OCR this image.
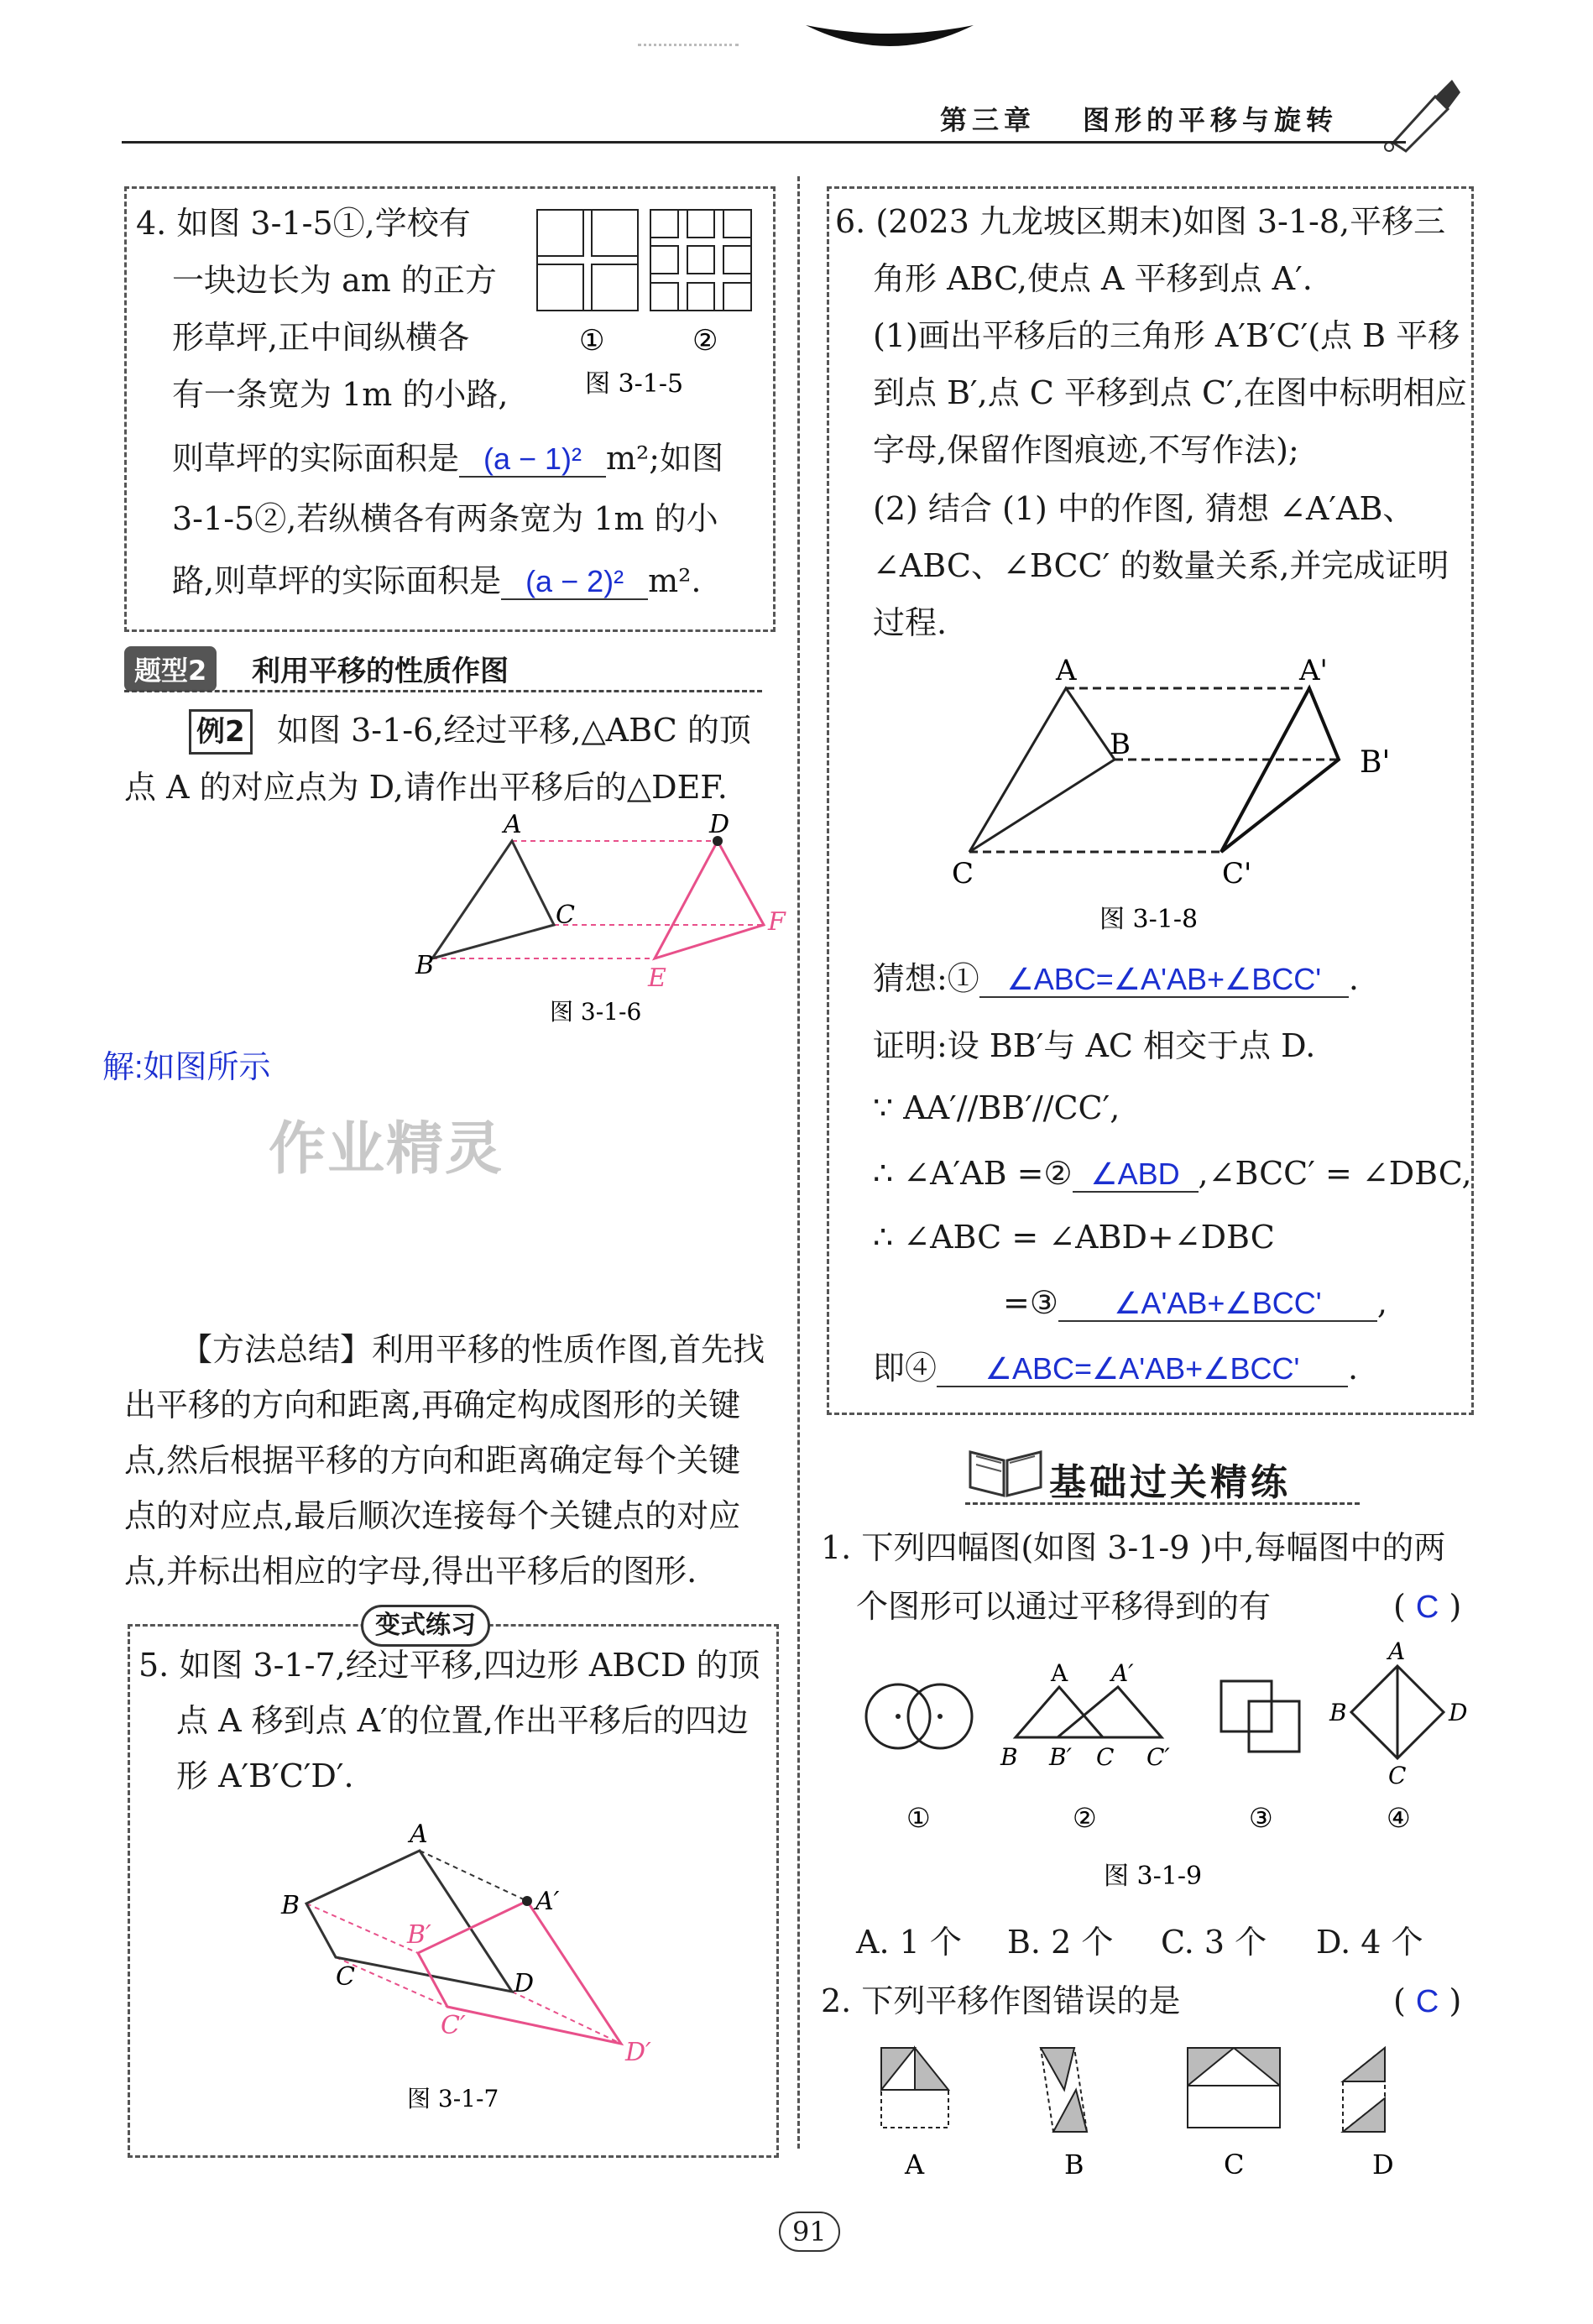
第三章 图形的平移与旋转
4. 如图 3-1-5①,学校有
一块边长为 am 的正方
形草坪,正中间纵横各
有一条宽为 1m 的小路,
则草坪的实际面积是 (a − 1)² m²;如图
3-1-5②,若纵横各有两条宽为 1m 的小
路,则草坪的实际面积是 (a − 2)² m².
①	②
图 3-1-5
题型2	利用平移的性质作图
例2 如图 3-1-6,经过平移,△ABC 的顶
点 A 的对应点为 D,请作出平移后的△DEF.
A
B
C
D
E
F
图 3-1-6
解:如图所示
作业精灵
【方法总结】利用平移的性质作图,首先找
出平移的方向和距离,再确定构成图形的关键
点,然后根据平移的方向和距离确定每个关键
点的对应点,最后顺次连接每个关键点的对应
点,并标出相应的字母,得出平移后的图形.
变式练习
5. 如图 3-1-7,经过平移,四边形 ABCD 的顶
点 A 移到点 A′的位置,作出平移后的四边
形 A′B′C′D′.
A
B
C	D
A′
B′
C′
D′
图 3-1-7
6. (2023 九龙坡区期末)如图 3-1-8,平移三
角形 ABC,使点 A 平移到点 A′.
(1)画出平移后的三角形 A′B′C′(点 B 平移
到点 B′,点 C 平移到点 C′,在图中标明相应
字母,保留作图痕迹,不写作法);
(2) 结合 (1) 中的作图, 猜想 ∠A′AB、
∠ABC、∠BCC′ 的数量关系,并完成证明
过程.
A	A'
B
B'
C	C'
图 3-1-8
猜想:① ∠ABC=∠A'AB+∠BCC' .
证明:设 BB′与 AC 相交于点 D.
∵ AA′//BB′//CC′,
∴ ∠A′AB =② ∠ABD ,∠BCC′ = ∠DBC,
∴ ∠ABC = ∠ABD+∠DBC
=③ ∠A'AB+∠BCC' ,
即④ ∠ABC=∠A'AB+∠BCC' .
基础过关精练
1. 下列四幅图(如图 3-1-9 )中,每幅图中的两
个图形可以通过平移得到的有	( C )
A A′
B B′ C C′
A
B
C
D
①	②	③	④
图 3-1-9
A. 1 个 B. 2 个 C. 3 个 D. 4 个
2. 下列平移作图错误的是	( C )
A	B	C	D
91
